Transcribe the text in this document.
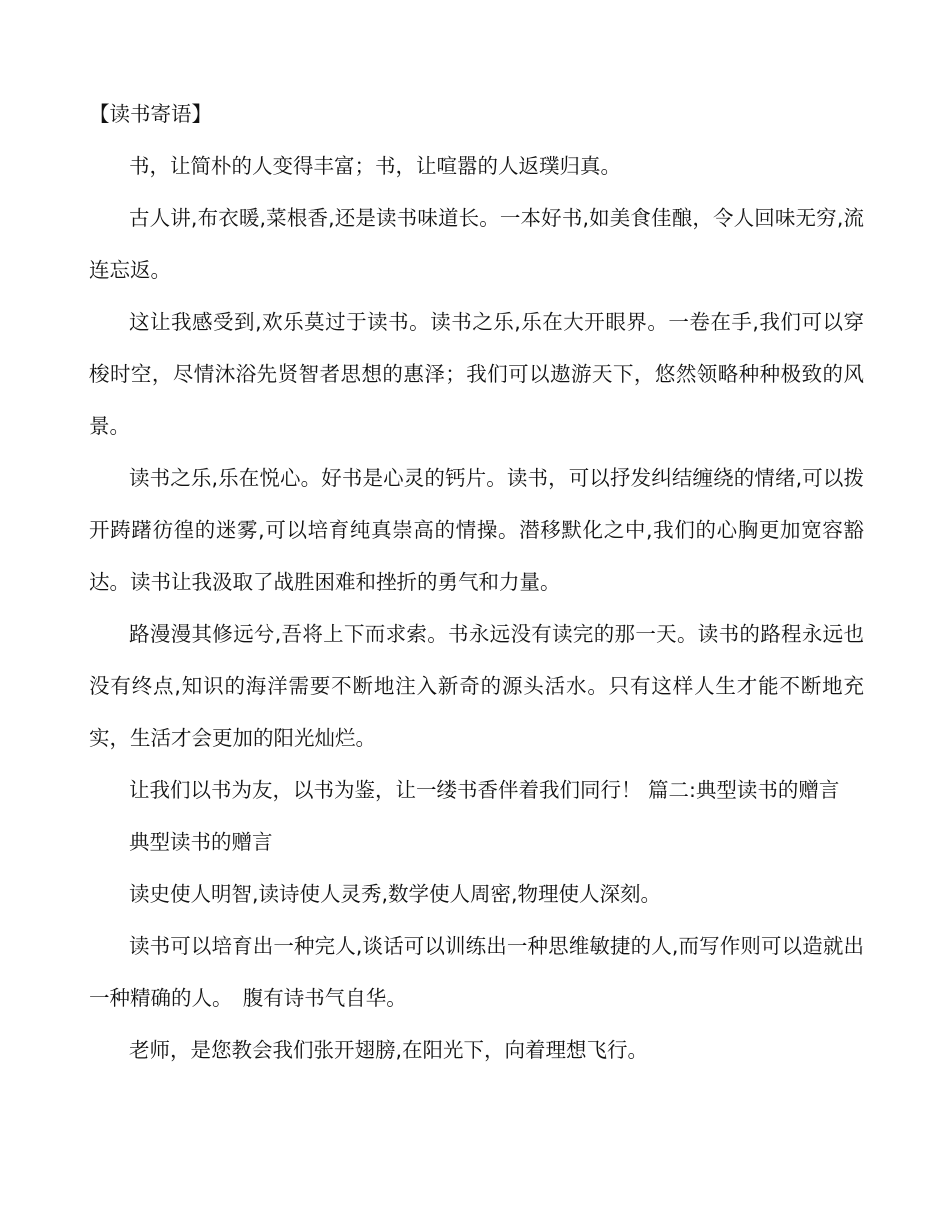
【读书寄语】

书，让简朴的人变得丰富；书，让喧嚣的人返璞归真。

古人讲,布衣暖,菜根香,还是读书味道长。一本好书,如美食佳酿，令人回味无穷,流连忘返。

这让我感受到,欢乐莫过于读书。读书之乐,乐在大开眼界。一卷在手,我们可以穿梭时空，尽情沐浴先贤智者思想的惠泽；我们可以遨游天下，悠然领略种种极致的风景。

读书之乐,乐在悦心。好书是心灵的钙片。读书，可以抒发纠结缠绕的情绪,可以拨开踌躇彷徨的迷雾,可以培育纯真崇高的情操。潜移默化之中,我们的心胸更加宽容豁达。读书让我汲取了战胜困难和挫折的勇气和力量。

路漫漫其修远兮,吾将上下而求索。书永远没有读完的那一天。读书的路程永远也没有终点,知识的海洋需要不断地注入新奇的源头活水。只有这样人生才能不断地充实，生活才会更加的阳光灿烂。

让我们以书为友，以书为鉴，让一缕书香伴着我们同行！ 篇二:典型读书的赠言

典型读书的赠言

读史使人明智,读诗使人灵秀,数学使人周密,物理使人深刻。

读书可以培育出一种完人,谈话可以训练出一种思维敏捷的人,而写作则可以造就出一种精确的人。　腹有诗书气自华。

老师，是您教会我们张开翅膀,在阳光下，向着理想飞行。
